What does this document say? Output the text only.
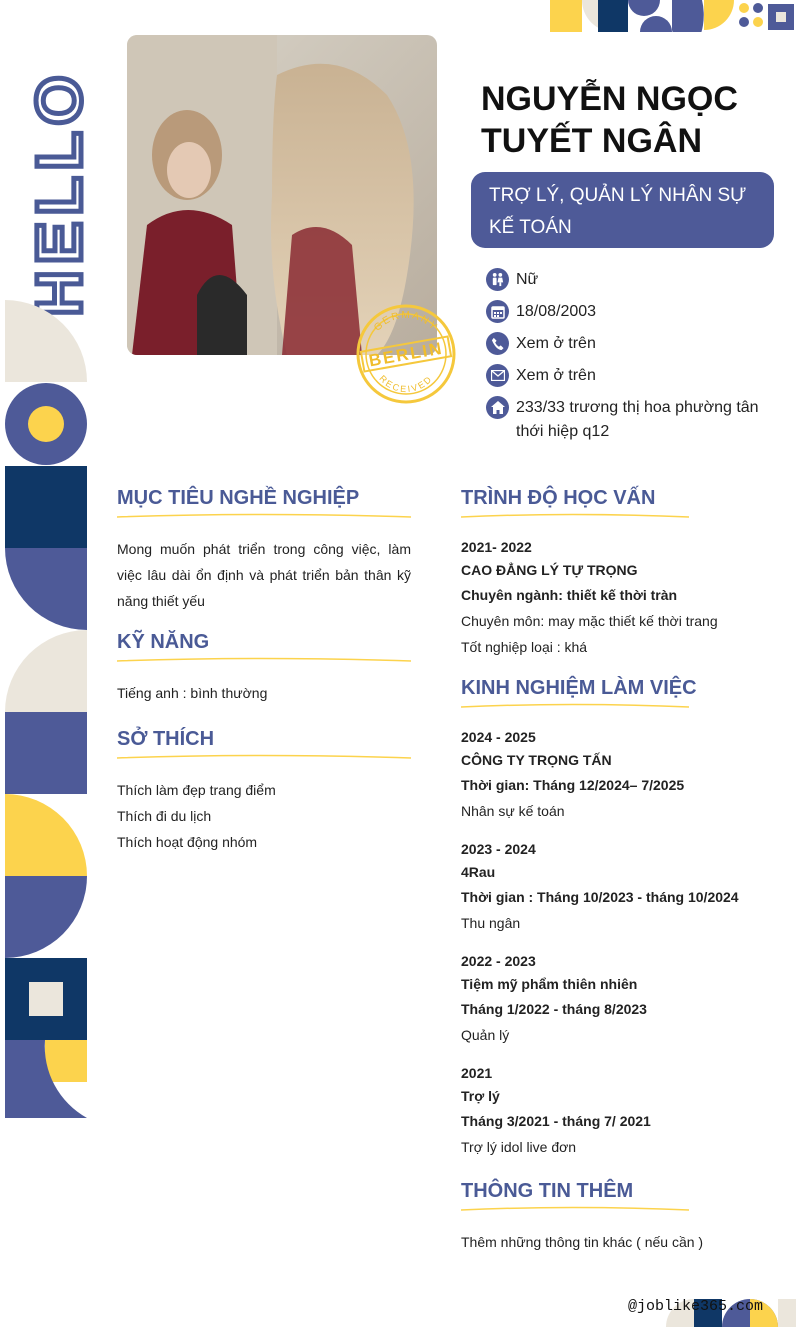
HELLO
GERMANY
RECEIVED
BERLIN
NGUYỄN NGỌC
TUYẾT NGÂN
TRỢ LÝ, QUẢN LÝ NHÂN SỰ
KẾ TOÁN
Nữ
18/08/2003
Xem ở trên
Xem ở trên
233/33 trương thị hoa phường tân thới hiệp q12
MỤC TIÊU NGHỀ NGHIỆP
Mong muốn phát triển trong công việc, làm việc lâu dài ổn định và phát triển bản thân kỹ năng thiết yếu
KỸ NĂNG
Tiếng anh : bình thường
SỞ THÍCH
Thích làm đẹp trang điểm
Thích đi du lịch
Thích hoạt động nhóm
TRÌNH ĐỘ HỌC VẤN
2021- 2022
CAO ĐẲNG LÝ TỰ TRỌNG
Chuyên ngành: thiết kế thời tràn
Chuyên môn: may mặc thiết kế thời trang
Tốt nghiệp loại : khá
KINH NGHIỆM LÀM VIỆC
2024 - 2025
CÔNG TY TRỌNG TẤN
Thời gian: Tháng 12/2024– 7/2025
Nhân sự kế toán
2023 - 2024
4Rau
Thời gian : Tháng 10/2023 - tháng 10/2024
Thu ngân
2022 - 2023
Tiệm mỹ phẩm thiên nhiên
Tháng 1/2022 - tháng 8/2023
Quản lý
2021
Trợ lý
Tháng 3/2021 - tháng 7/ 2021
Trợ lý idol live đơn
THÔNG TIN THÊM
Thêm những thông tin khác ( nếu cần )
@joblike365.com
